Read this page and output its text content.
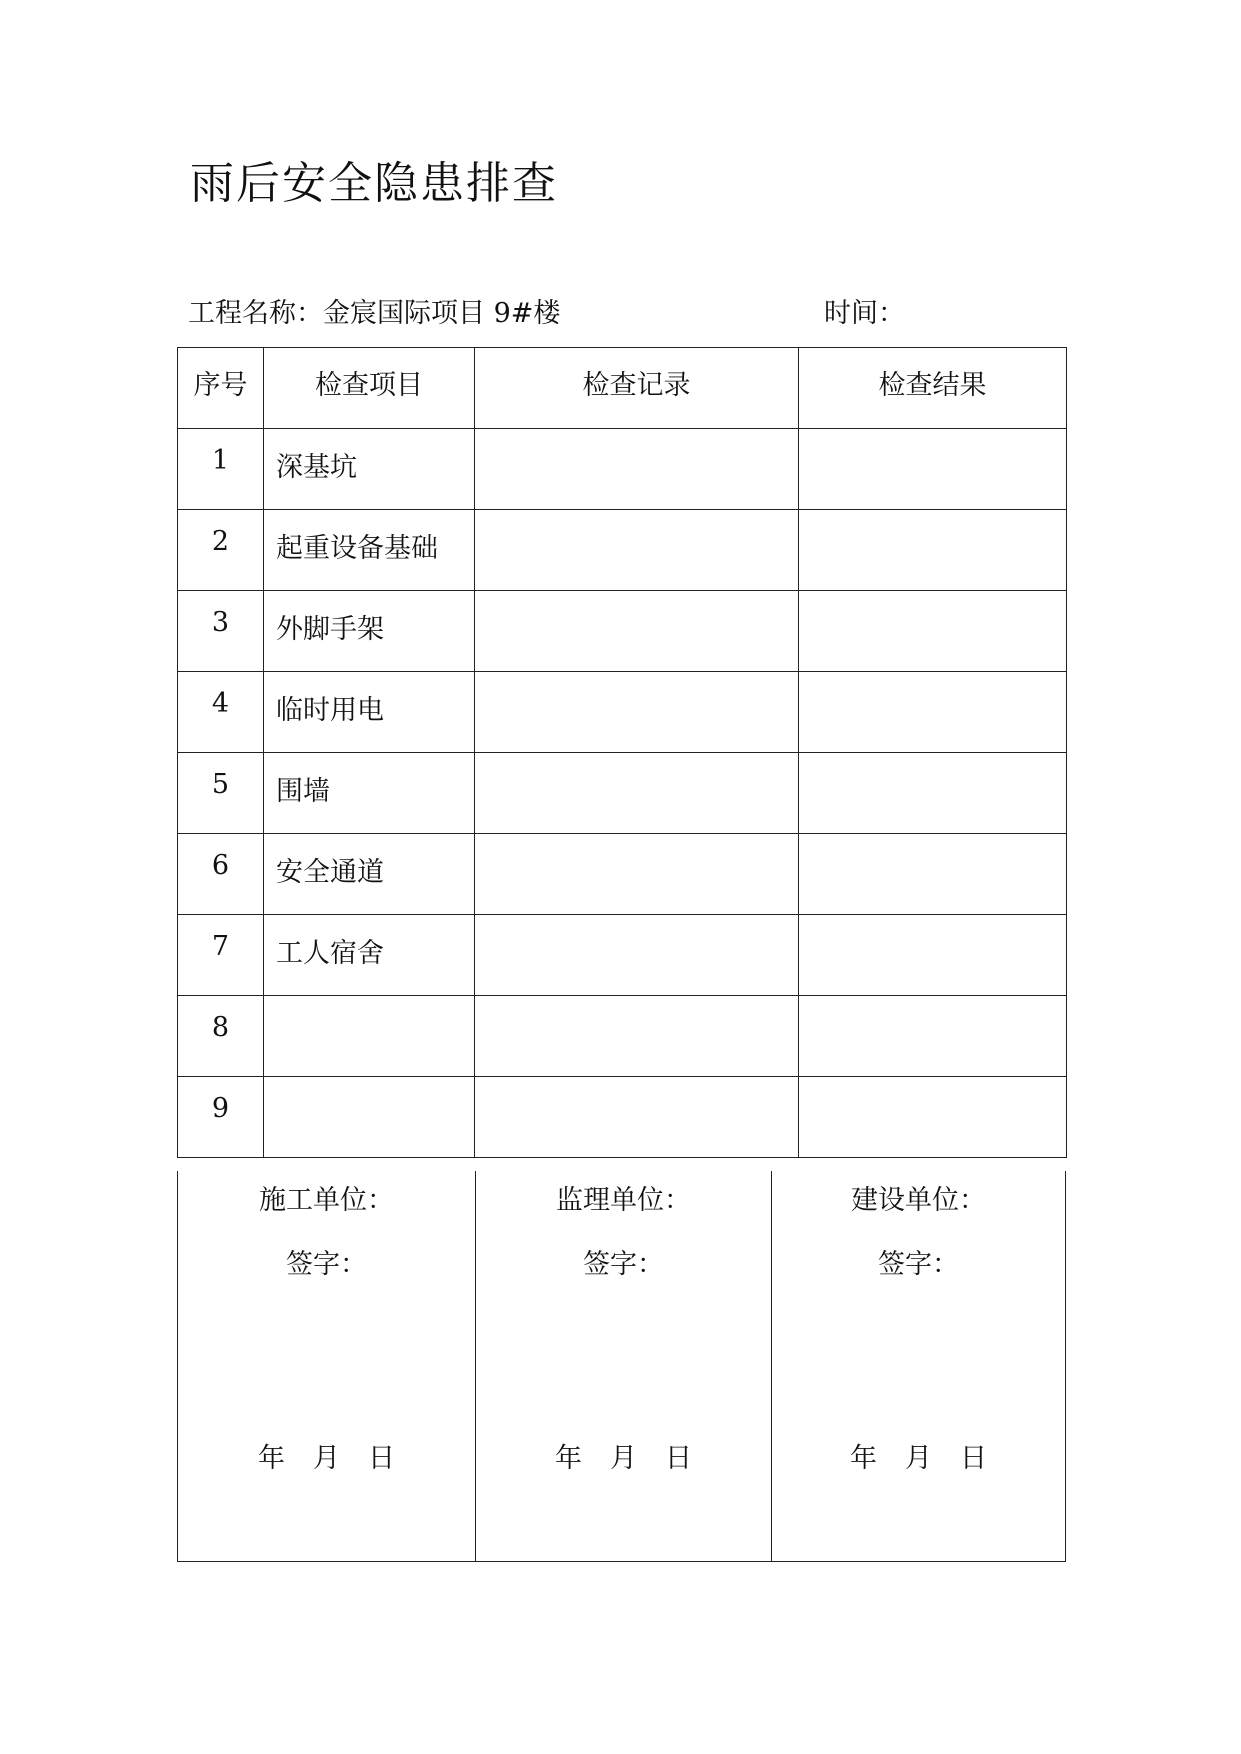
雨后安全隐患排查
工程名称：金宸国际项目 9#楼	时间：
序号	检查项目	检查记录	检查结果
1	深基坑		
2	起重设备基础		
3	外脚手架		
4	临时用电		
5	围墙		
6	安全通道		
7	工人宿舍		
8			
9			
施工单位：
签字：
年 月 日
监理单位：
签字：
年 月 日
建设单位：
签字：
年 月 日
